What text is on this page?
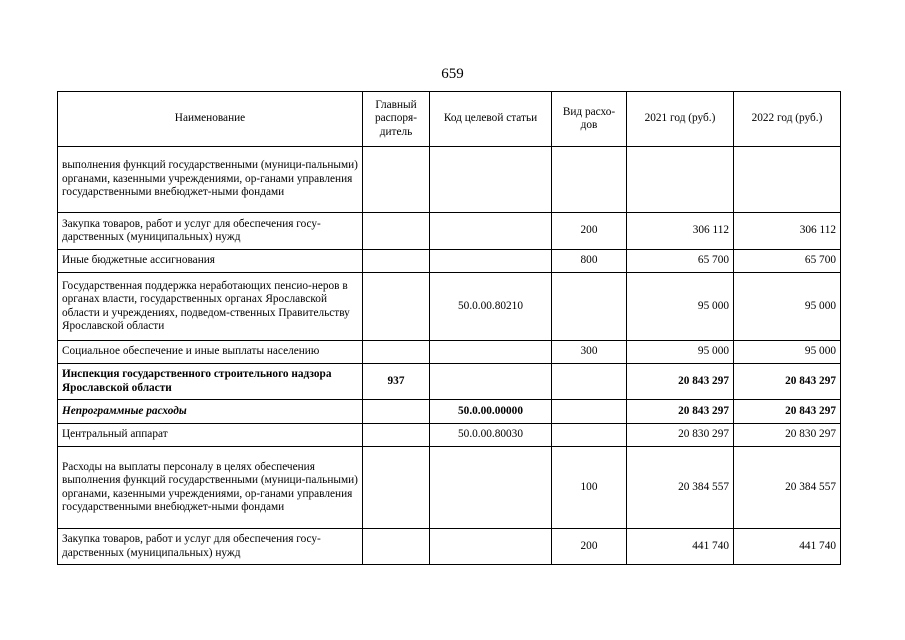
659
Наименование	Главный распоря-дитель	Код целевой статьи	Вид расхо-дов	2021 год (руб.)	2022 год (руб.)
выполнения функций государственными (муници-пальными) органами, казенными учреждениями, ор-ганами управления государственными внебюджет-ными фондами					
Закупка товаров, работ и услуг для обеспечения госу-дарственных (муниципальных) нужд			200	306 112	306 112
Иные бюджетные ассигнования			800	65 700	65 700
Государственная поддержка неработающих пенсио-неров в органах власти, государственных органах Ярославской области и учреждениях, подведом-ственных Правительству Ярославской области		50.0.00.80210		95 000	95 000
Социальное обеспечение и иные выплаты населению			300	95 000	95 000
Инспекция государственного строительного надзора Ярославской области	937			20 843 297	20 843 297
Непрограммные расходы		50.0.00.00000		20 843 297	20 843 297
Центральный аппарат		50.0.00.80030		20 830 297	20 830 297
Расходы на выплаты персоналу в целях обеспечения выполнения функций государственными (муници-пальными) органами, казенными учреждениями, ор-ганами управления государственными внебюджет-ными фондами			100	20 384 557	20 384 557
Закупка товаров, работ и услуг для обеспечения госу-дарственных (муниципальных) нужд			200	441 740	441 740
